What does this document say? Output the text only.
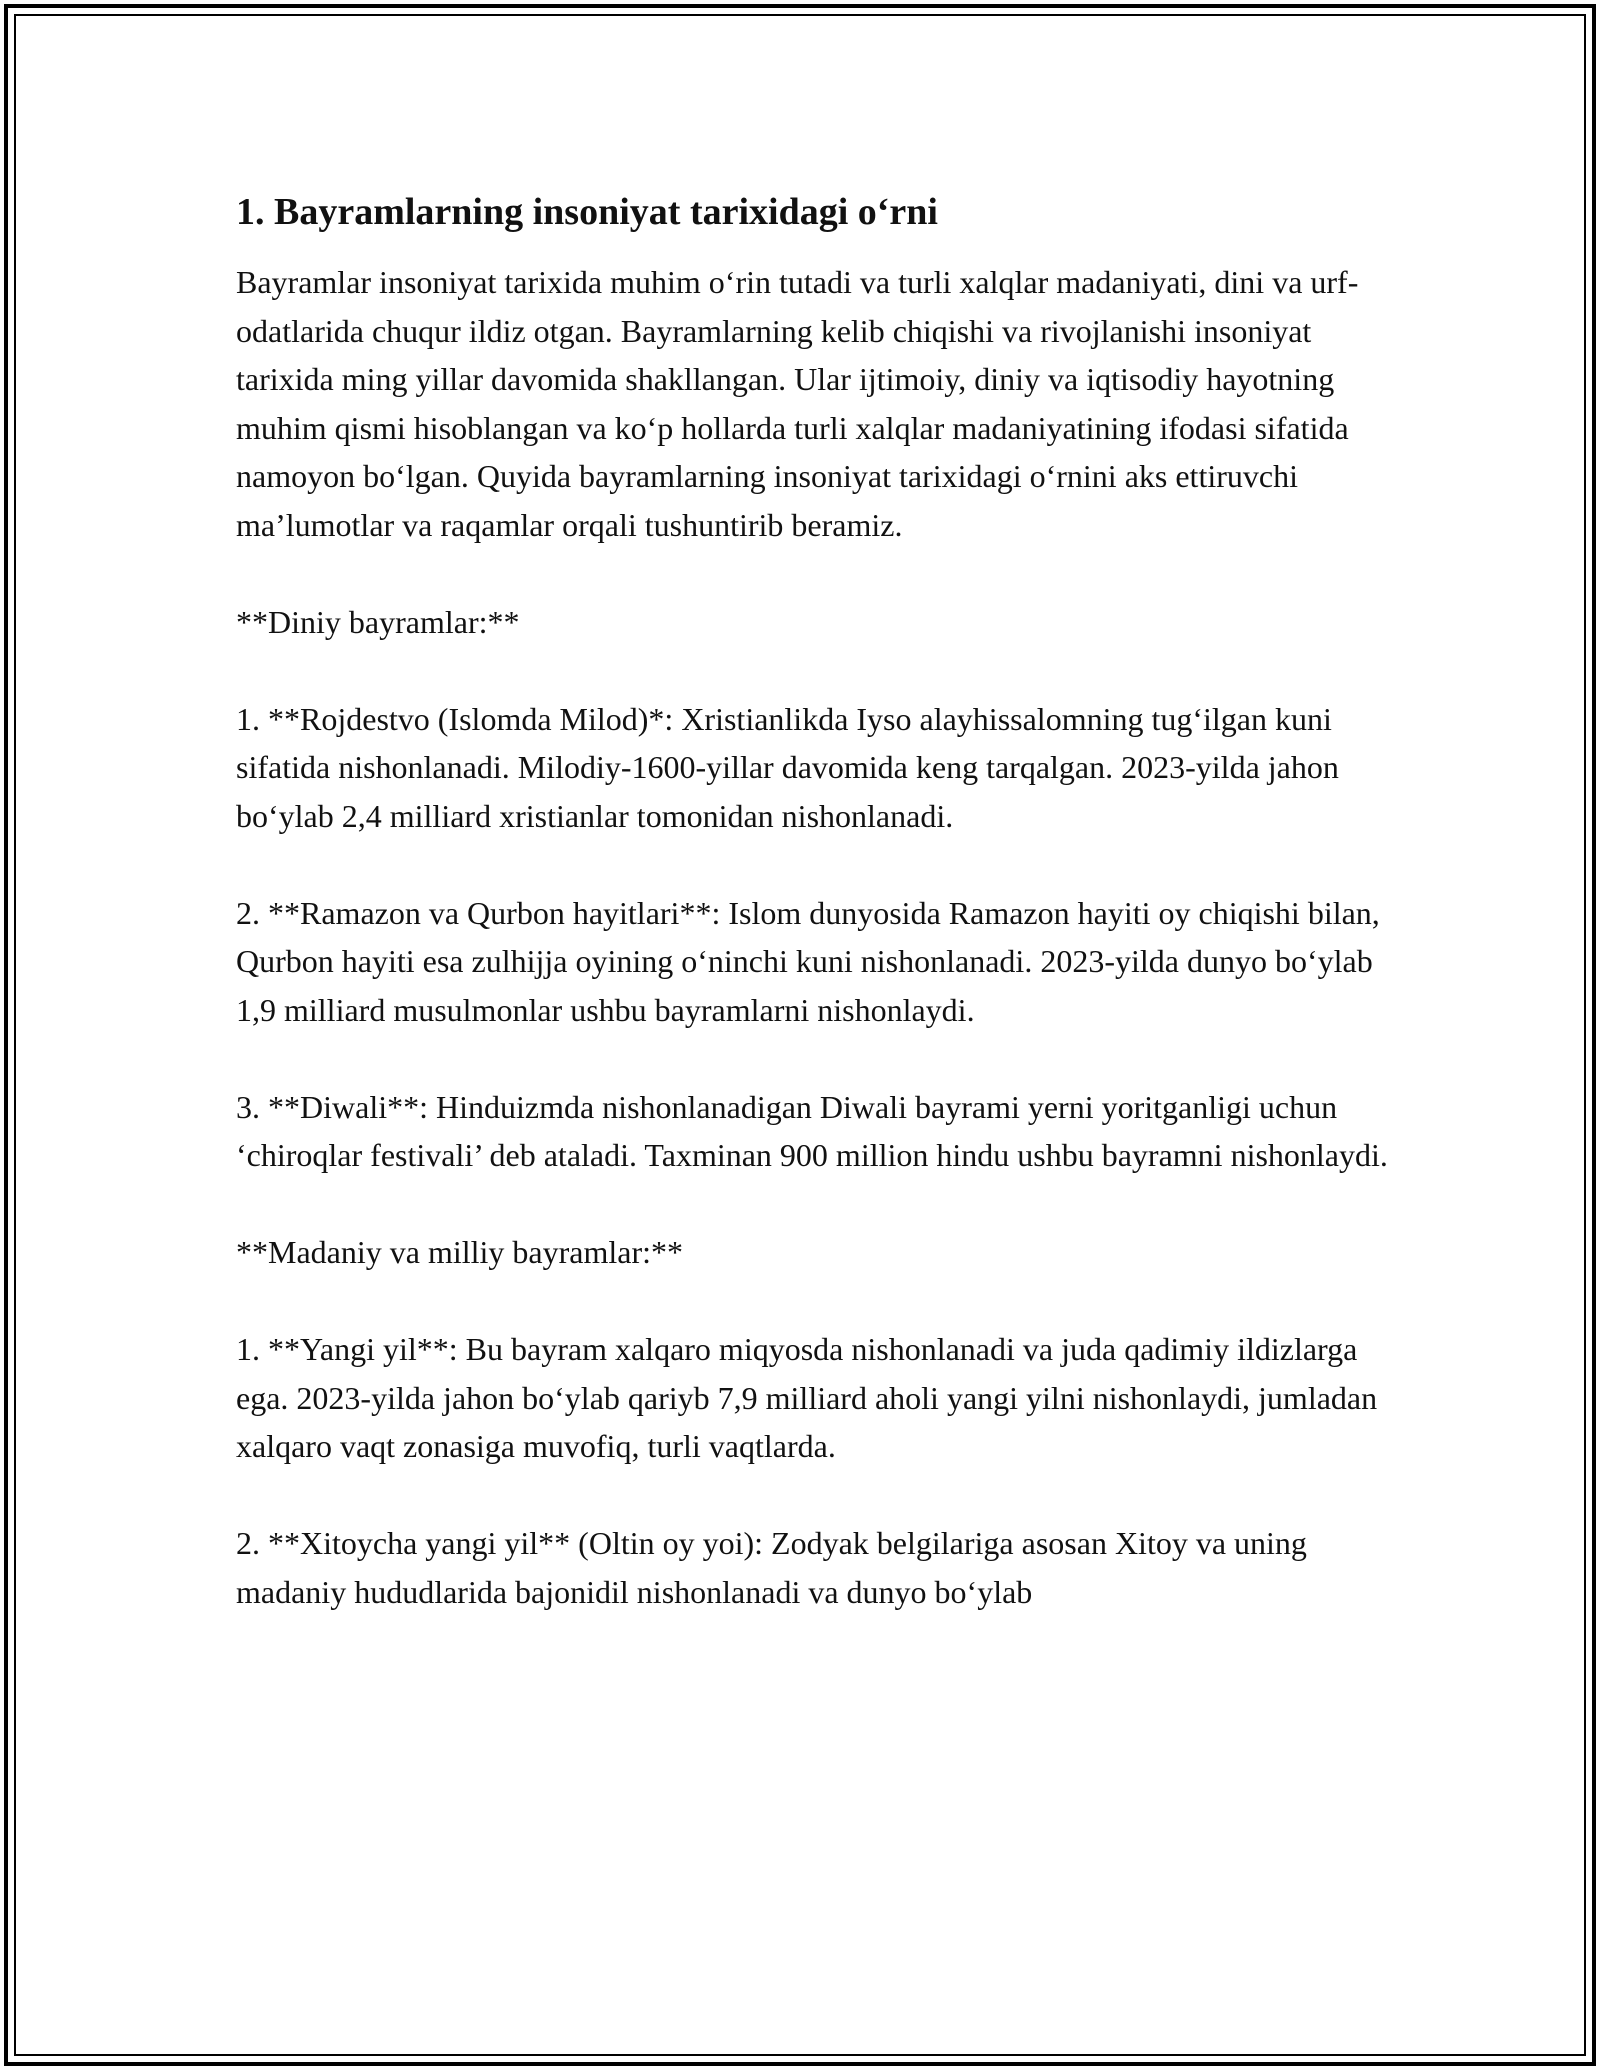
1. Bayramlarning insoniyat tarixidagi o‘rni

Bayramlar insoniyat tarixida muhim o‘rin tutadi va turli xalqlar madaniyati, dini va urf-odatlarida chuqur ildiz otgan. Bayramlarning kelib chiqishi va rivojlanishi insoniyat tarixida ming yillar davomida shakllangan. Ular ijtimoiy, diniy va iqtisodiy hayotning muhim qismi hisoblangan va ko‘p hollarda turli xalqlar madaniyatining ifodasi sifatida namoyon bo‘lgan. Quyida bayramlarning insoniyat tarixidagi o‘rnini aks ettiruvchi ma’lumotlar va raqamlar orqali tushuntirib beramiz.

**Diniy bayramlar:**

1. **Rojdestvo (Islomda Milod)*: Xristianlikda Iyso alayhissalomning tug‘ilgan kuni sifatida nishonlanadi. Milodiy-1600-yillar davomida keng tarqalgan. 2023-yilda jahon bo‘ylab 2,4 milliard xristianlar tomonidan nishonlanadi.

2. **Ramazon va Qurbon hayitlari**: Islom dunyosida Ramazon hayiti oy chiqishi bilan, Qurbon hayiti esa zulhijja oyining o‘ninchi kuni nishonlanadi. 2023-yilda dunyo bo‘ylab 1,9 milliard musulmonlar ushbu bayramlarni nishonlaydi.

3. **Diwali**: Hinduizmda nishonlanadigan Diwali bayrami yerni yoritganligi uchun ‘chiroqlar festivali’ deb ataladi. Taxminan 900 million hindu ushbu bayramni nishonlaydi.

**Madaniy va milliy bayramlar:**

1. **Yangi yil**: Bu bayram xalqaro miqyosda nishonlanadi va juda qadimiy ildizlarga ega. 2023-yilda jahon bo‘ylab qariyb 7,9 milliard aholi yangi yilni nishonlaydi, jumladan xalqaro vaqt zonasiga muvofiq, turli vaqtlarda.

2. **Xitoycha yangi yil** (Oltin oy yoi): Zodyak belgilariga asosan Xitoy va uning madaniy hududlarida bajonidil nishonlanadi va dunyo bo‘ylab
